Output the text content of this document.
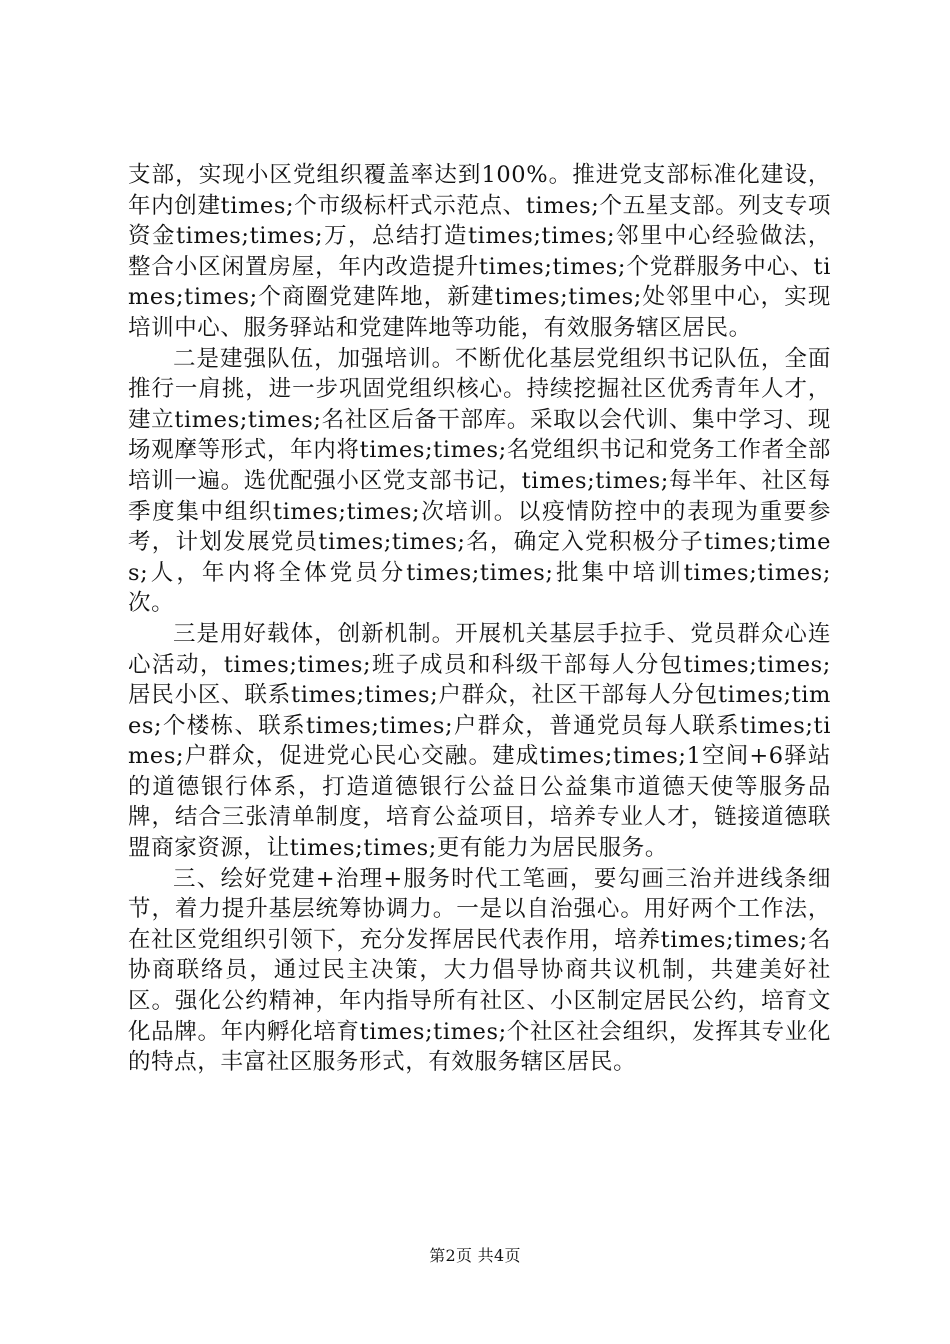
支部，实现小区党组织覆盖率达到100%。推进党支部标准化建设，年内创建times;个市级标杆式示范点、times;个五星支部。列支专项资金times;times;万，总结打造times;times;邻里中心经验做法，整合小区闲置房屋，年内改造提升times;times;个党群服务中心、times;times;个商圈党建阵地，新建times;times;处邻里中心，实现培训中心、服务驿站和党建阵地等功能，有效服务辖区居民。

二是建强队伍，加强培训。不断优化基层党组织书记队伍，全面推行一肩挑，进一步巩固党组织核心。持续挖掘社区优秀青年人才，建立times;times;名社区后备干部库。采取以会代训、集中学习、现场观摩等形式，年内将times;times;名党组织书记和党务工作者全部培训一遍。选优配强小区党支部书记，times;times;每半年、社区每季度集中组织times;times;次培训。以疫情防控中的表现为重要参考，计划发展党员times;times;名，确定入党积极分子times;times;人，年内将全体党员分times;times;批集中培训times;times;次。

三是用好载体，创新机制。开展机关基层手拉手、党员群众心连心活动，times;times;班子成员和科级干部每人分包times;times;居民小区、联系times;times;户群众，社区干部每人分包times;times;个楼栋、联系times;times;户群众，普通党员每人联系times;times;户群众，促进党心民心交融。建成times;times;1空间+6驿站的道德银行体系，打造道德银行公益日公益集市道德天使等服务品牌，结合三张清单制度，培育公益项目，培养专业人才，链接道德联盟商家资源，让times;times;更有能力为居民服务。

三、绘好党建+治理+服务时代工笔画，要勾画三治并进线条细节，着力提升基层统筹协调力。一是以自治强心。用好两个工作法，在社区党组织引领下，充分发挥居民代表作用，培养times;times;名协商联络员，通过民主决策，大力倡导协商共议机制，共建美好社区。强化公约精神，年内指导所有社区、小区制定居民公约，培育文化品牌。年内孵化培育times;times;个社区社会组织，发挥其专业化的特点，丰富社区服务形式，有效服务辖区居民。

第2页 共4页
